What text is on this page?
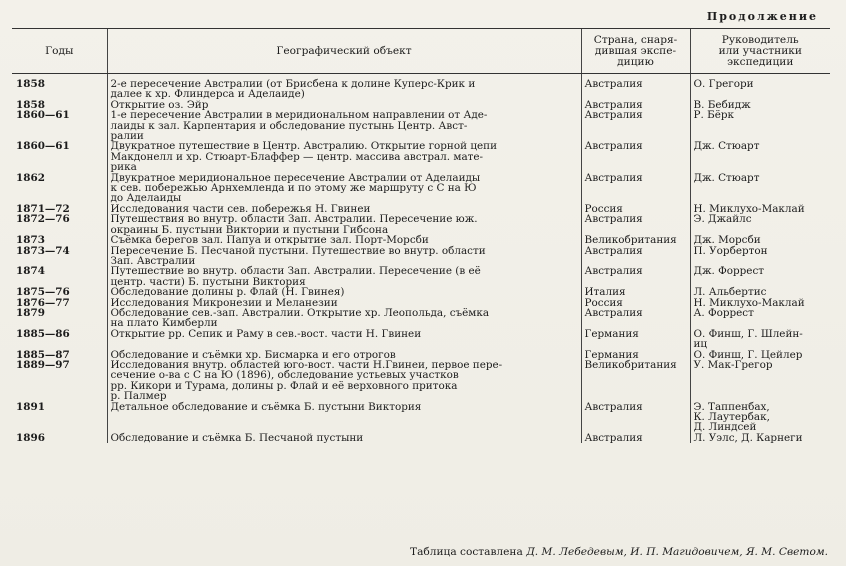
Продолжение
Годы	Географический объект	Страна, снаря-
дившая экспе-
дицию	Руководитель
или участники
экспедиции
1858	2-е пересечение Австралии (от Брисбена к долине Куперс-Крик и
далее к хр. Флиндерса и Аделаиде)	Австралия	О. Грегори
1858	Открытие оз. Эйр	Австралия	В. Бебидж
1860—61	1-е пересечение Австралии в меридиональном направлении от Аде-
лаиды к зал. Карпентария и обследование пустынь Центр. Авст-
ралии	Австралия	Р. Бёрк
1860—61	Двукратное путешествие в Центр. Австралию. Открытие горной цепи
Макдонелл и хр. Стюарт-Блаффер — центр. массива австрал. мате-
рика	Австралия	Дж. Стюарт
1862	Двукратное меридиональное пересечение Австралии от Аделаиды
к сев. побережью Арнхемленда и по этому же маршруту с С на Ю
до Аделаиды	Австралия	Дж. Стюарт
1871—72	Исследования части сев. побережья Н. Гвинеи	Россия	Н. Миклухо-Маклай
1872—76	Путешествия во внутр. области Зап. Австралии. Пересечение юж.
окраины Б. пустыни Виктории и пустыни Гибсона	Австралия	Э. Джайлс
1873	Съёмка берегов зал. Папуа и открытие зал. Порт-Морсби	Великобритания	Дж. Морсби
1873—74	Пересечение Б. Песчаной пустыни. Путешествие во внутр. области
Зап. Австралии	Австралия	П. Уорбертон
1874	Путешествие во внутр. области Зап. Австралии. Пересечение (в её
центр. части) Б. пустыни Виктория	Австралия	Дж. Форрест
1875—76	Обследование долины р. Флай (Н. Гвинея)	Италия	Л. Альбертис
1876—77	Исследования Микронезии и Меланезии	Россия	Н. Миклухо-Маклай
1879	Обследование сев.-зап. Австралии. Открытие хр. Леопольда, съёмка
на плато Кимберли	Австралия	А. Форрест
1885—86	Открытие рр. Сепик и Раму в сев.-вост. части Н. Гвинеи	Германия	О. Финш, Г. Шлейн-
иц
1885—87	Обследование и съёмки хр. Бисмарка и его отрогов	Германия	О. Финш, Г. Цейлер
1889—97	Исследования внутр. областей юго-вост. части Н.Гвинеи, первое пере-
сечение о-ва с С на Ю (1896), обследование устьевых участков
рр. Кикори и Турама, долины р. Флай и её верховного притока
р. Палмер	Великобритания	У. Мак-Грегор
1891	Детальное обследование и съёмка Б. пустыни Виктория	Австралия	Э. Таппенбах,
К. Лаутербак,
Д. Линдсей
1896	Обследование и съёмка Б. Песчаной пустыни	Австралия	Л. Уэлс, Д. Карнеги
Таблица составлена Д. М. Лебедевым, И. П. Магидовичем, Я. М. Светом.
